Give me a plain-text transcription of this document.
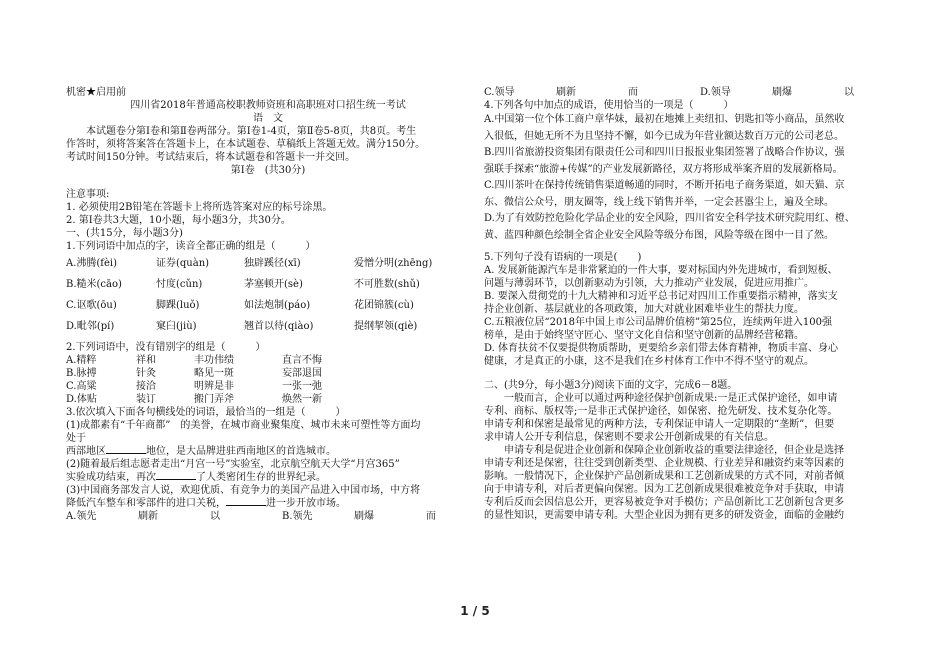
机密★启用前
四川省2018年普通高校职教师资班和高职班对口招生统一考试
语　文
本试题卷分第Ⅰ卷和第Ⅱ卷两部分。第Ⅰ卷1-4页，第Ⅱ卷5-8页，共8页。考生
作答时，须将答案答在答题卡上，在本试题卷、草稿纸上答题无效。满分150分。
考试时间150分钟。考试结束后，将本试题卷和答题卡一并交回。
第Ⅰ卷　(共30分)
注意事项:
1. 必须使用2B铅笔在答题卡上将所选答案对应的标号涂黑。
2. 第Ⅰ卷共3大题，10小题，每小题3分，共30分。
一、(共15分，每小题3分)
1.下列词语中加点的字，读音全都正确的组是（　　　）
A.沸腾(fèi)	证券(quàn)	独辟蹊径(xī)	爱憎分明(zhēng)
B.糙米(cāo)	忖度(cǔn)	茅塞顿开(sè)	不可胜数(shǔ)
C.讴歌(ōu)	脚踝(luǒ)	如法炮制(páo)	花团锦簇(cù)
D.毗邻(pí)	窠臼(jiù)	翘首以待(qiào)	提纲挈领(qiè)
2.下列词语中，没有错别字的组是（　　　）
A.精粹	祥和	丰功伟绩	直言不悔
B.脉搏	针灸	略见一斑	妄部退国
C.高粱	接洽	明辨是非	一张一弛
D.体贴	装订	搬门弄斧	焕然一新
3.依次填入下面各句横线处的词语，最恰当的一组是（　　　）
(1)成都素有“千年商都”　的美誉，在城市商业聚集度、城市未来可塑性等方面均
处于
西部地区	地位，是大品牌进驻西南地区的首选城市。
(2)随着最后组志愿者走出“月宫一号”实验室，北京航空航天大学“月宫365”
实验成功结束，再次	了人类密闭生存的世界纪录。
(3)中国商务部发言人说，欢迎优质、有竞争力的美国产品进入中国市场，中方将
降低汽车整车和零部件的进口关税，	进一步开放市场。
A.领先	刷新	以	B.领先	刷爆	而
C.领导	刷新	而	D.领导	刷爆	以
4.下列各句中加点的成语，使用恰当的一项是（　　　）
A.中国第一位个体工商户章华妹，最初在地摊上卖纽扣、钥匙扣等小商品，虽然收
入很低，但她无所不为且坚持不懈，如今已成为年营业额达数百万元的公司老总。
B.四川省旅游投资集团有限责任公司和四川日报报业集团签署了战略合作协议，强
强联手探索“旅游+传媒”的产业发展新路径，双方将形成举案齐眉的发展新格局。
C.四川茶叶在保持传统销售渠道畅通的同时，不断开拓电子商务渠道，如天猫、京
东、微信公众号，朋友圈等，线上线下销售并举，一定会甚嚣尘上，遍及全球。
D.为了有效防控危险化学品企业的安全风险，四川省安全科学技术研究院用红、橙、
黄、蓝四种颜色绘制全省企业安全风险等级分布图，风险等级在图中一目了然。
5.下列句子没有语病的一项是(　　)
A. 发展新能源汽车是非常紧迫的一件大事，要对标国内外先进城市，看到短板、
问题与薄弱环节，以创新驱动为引领，大力推动产业发展，促进应用推广。
B. 要深入贯彻党的十九大精神和习近平总书记对四川工作重要指示精神，落实支
持企业创新、基层就业的各项政策，加大对就业困难毕业生的帮扶力度。
C.五粮液位居“2018年中国上市公司品牌价值榜”第25位，连续两年进入100强
榜单，是由于始终坚守匠心、坚守文化自信和坚守创新的品牌经营秘籍。
D. 体育扶贫不仅要提供物质帮助，更要给乡亲们带去体育精神，物质丰富、身心
健康，才是真正的小康，这不是我们在乡村体育工作中不得不坚守的观点。
二、(共9分，每小题3分)阅读下面的文字，完成6－8题。
一般而言，企业可以通过两种途径保护创新成果:一是正式保护途径，如申请
专利、商标、版权等;一是非正式保护途径，如保密、抢先研发、技术复杂化等。
申请专利和保密是最常见的两种方法，专利保证申请人一定期限的“垄断”，但要
求申请人公开专利信息，保密则不要求公开创新成果的有关信息。
申请专利是促进企业创新和保障企业创新收益的重要法律途径，但企业是选择
申请专利还是保密，往往受到创新类型、企业规模、行业差异和融资约束等因素的
影响。一般情况下，企业保护产品创新成果和工艺创新成果的方式不同，对前者倾
向于申请专利，对后者更偏向保密。因为工艺创新成果很难被竞争对手获取，申请
专利后反而会因信息公开，更容易被竞争对手模仿；产品创新比工艺创新包含更多
的显性知识，更需要申请专利。大型企业因为拥有更多的研发资金，面临的金融约
1 / 5
